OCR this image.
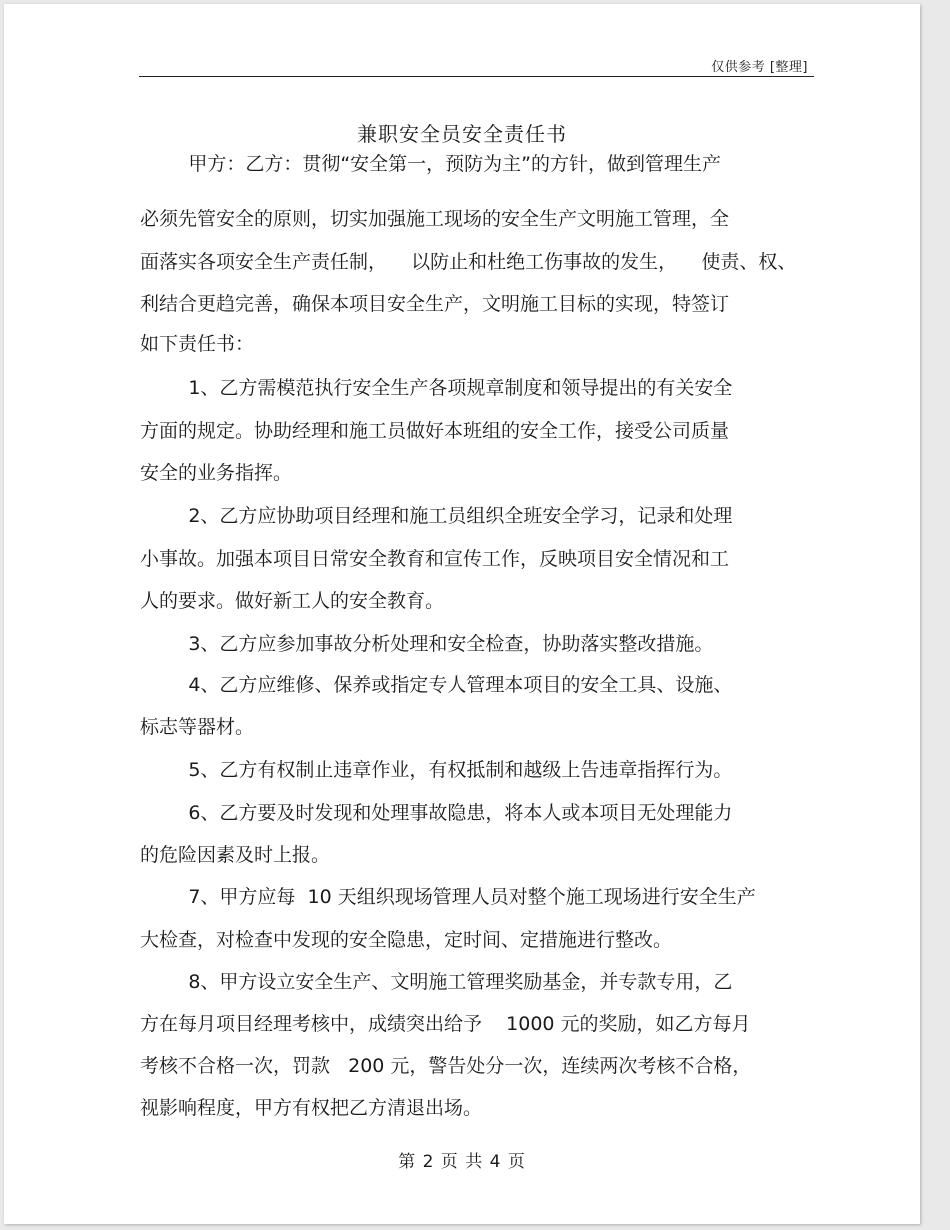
仅供参考 [整理]
兼职安全员安全责任书
甲方：乙方：贯彻“安全第一，预防为主”的方针，做到管理生产
必须先管安全的原则，切实加强施工现场的安全生产文明施工管理，全
面落实各项安全生产责任制，    以防止和杜绝工伤事故的发生，    使责、权、
利结合更趋完善，确保本项目安全生产，文明施工目标的实现，特签订
如下责任书：
1、乙方需模范执行安全生产各项规章制度和领导提出的有关安全
方面的规定。协助经理和施工员做好本班组的安全工作，接受公司质量
安全的业务指挥。
2、乙方应协助项目经理和施工员组织全班安全学习，记录和处理
小事故。加强本项目日常安全教育和宣传工作，反映项目安全情况和工
人的要求。做好新工人的安全教育。
3、乙方应参加事故分析处理和安全检查，协助落实整改措施。
4、乙方应维修、保养或指定专人管理本项目的安全工具、设施、
标志等器材。
5、乙方有权制止违章作业，有权抵制和越级上告违章指挥行为。
6、乙方要及时发现和处理事故隐患，将本人或本项目无处理能力
的危险因素及时上报。
7、甲方应每  10 天组织现场管理人员对整个施工现场进行安全生产
大检查，对检查中发现的安全隐患，定时间、定措施进行整改。
8、甲方设立安全生产、文明施工管理奖励基金，并专款专用，乙
方在每月项目经理考核中，成绩突出给予    1000 元的奖励，如乙方每月
考核不合格一次，罚款   200 元，警告处分一次，连续两次考核不合格，
视影响程度，甲方有权把乙方清退出场。
第 2 页 共 4 页
